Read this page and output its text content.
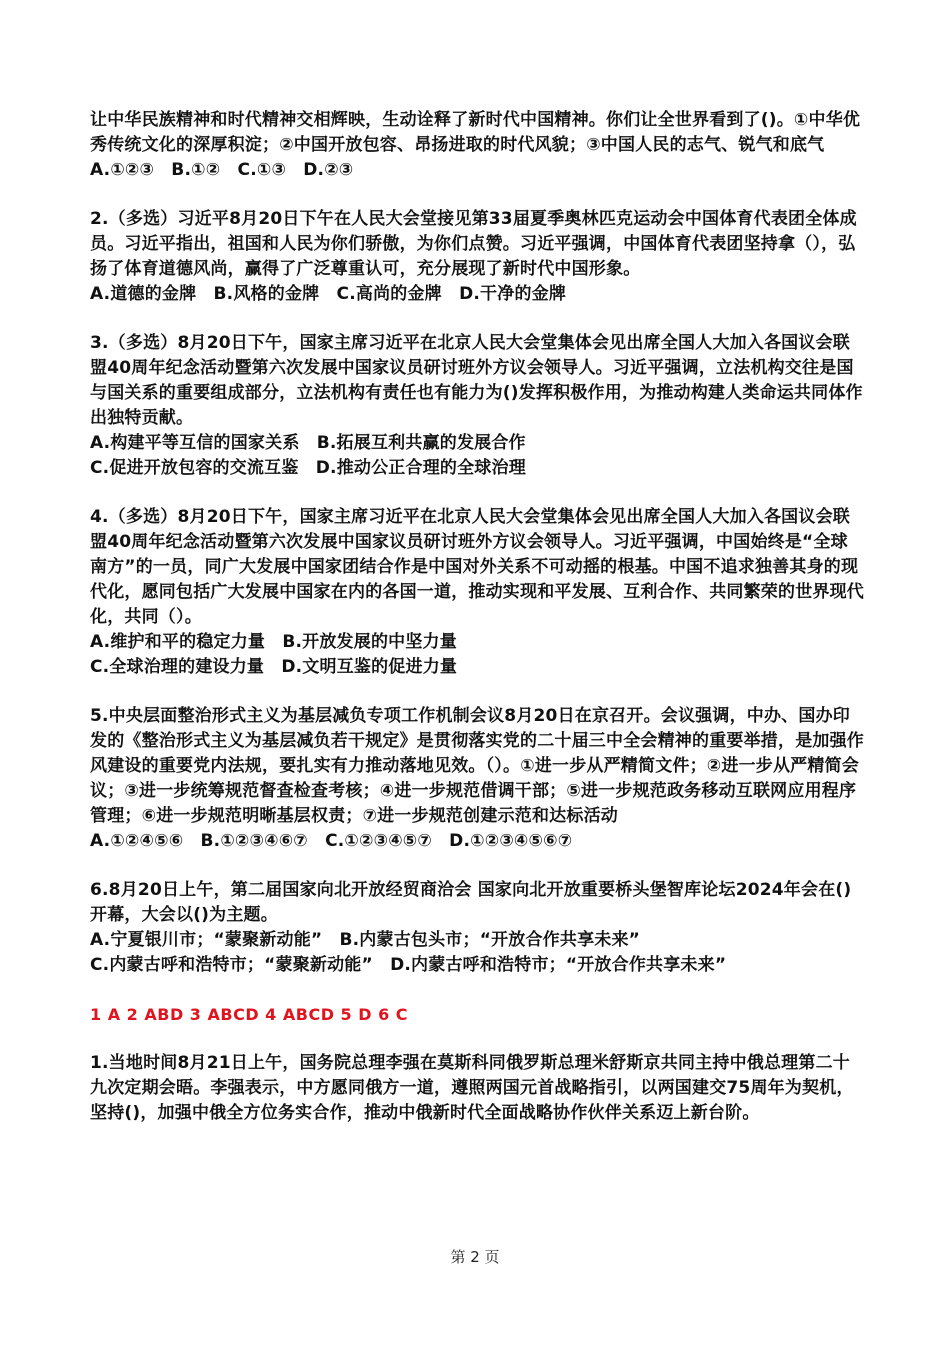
让中华民族精神和时代精神交相辉映，生动诠释了新时代中国精神。你们让全世界看到了()。①中华优秀传统文化的深厚积淀；②中国开放包容、昂扬进取的时代风貌；③中国人民的志气、锐气和底气

A.①②③　B.①②　C.①③　D.②③

2.（多选）习近平8月20日下午在人民大会堂接见第33届夏季奥林匹克运动会中国体育代表团全体成员。习近平指出，祖国和人民为你们骄傲，为你们点赞。习近平强调，中国体育代表团坚持拿（），弘扬了体育道德风尚，赢得了广泛尊重认可，充分展现了新时代中国形象。

A.道德的金牌　B.风格的金牌　C.高尚的金牌　D.干净的金牌

3.（多选）8月20日下午，国家主席习近平在北京人民大会堂集体会见出席全国人大加入各国议会联盟40周年纪念活动暨第六次发展中国家议员研讨班外方议会领导人。习近平强调，立法机构交往是国与国关系的重要组成部分，立法机构有责任也有能力为()发挥积极作用，为推动构建人类命运共同体作出独特贡献。

A.构建平等互信的国家关系　B.拓展互利共赢的发展合作

C.促进开放包容的交流互鉴　D.推动公正合理的全球治理

4.（多选）8月20日下午，国家主席习近平在北京人民大会堂集体会见出席全国人大加入各国议会联盟40周年纪念活动暨第六次发展中国家议员研讨班外方议会领导人。习近平强调，中国始终是“全球南方”的一员，同广大发展中国家团结合作是中国对外关系不可动摇的根基。中国不追求独善其身的现代化，愿同包括广大发展中国家在内的各国一道，推动实现和平发展、互利合作、共同繁荣的世界现代化，共同（）。

A.维护和平的稳定力量　B.开放发展的中坚力量

C.全球治理的建设力量　D.文明互鉴的促进力量

5.中央层面整治形式主义为基层减负专项工作机制会议8月20日在京召开。会议强调，中办、国办印发的《整治形式主义为基层减负若干规定》是贯彻落实党的二十届三中全会精神的重要举措，是加强作风建设的重要党内法规，要扎实有力推动落地见效。（）。①进一步从严精简文件；②进一步从严精简会议；③进一步统筹规范督查检查考核；④进一步规范借调干部；⑤进一步规范政务移动互联网应用程序管理；⑥进一步规范明晰基层权责；⑦进一步规范创建示范和达标活动

A.①②④⑤⑥　B.①②③④⑥⑦　C.①②③④⑤⑦　D.①②③④⑤⑥⑦

6.8月20日上午，第二届国家向北开放经贸商洽会 国家向北开放重要桥头堡智库论坛2024年会在()开幕，大会以()为主题。

A.宁夏银川市；“蒙聚新动能”　B.内蒙古包头市；“开放合作共享未来”

C.内蒙古呼和浩特市；“蒙聚新动能”　D.内蒙古呼和浩特市；“开放合作共享未来”

1 A 2 ABD 3 ABCD 4 ABCD 5 D 6 C

1.当地时间8月21日上午，国务院总理李强在莫斯科同俄罗斯总理米舒斯京共同主持中俄总理第二十九次定期会晤。李强表示，中方愿同俄方一道，遵照两国元首战略指引，以两国建交75周年为契机，坚持()，加强中俄全方位务实合作，推动中俄新时代全面战略协作伙伴关系迈上新台阶。

第 2 页
